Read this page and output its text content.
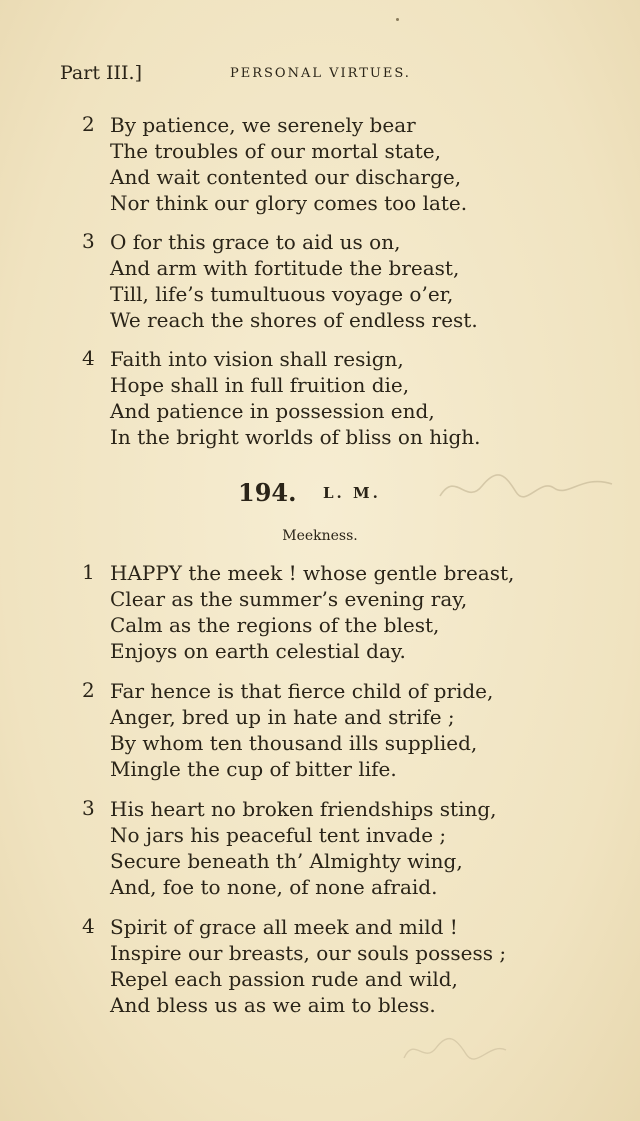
Part III.]	PERSONAL VIRTUES.
2 By patience, we serenely bear
The troubles of our mortal state,
And wait contented our discharge,
Nor think our glory comes too late.
3 O for this grace to aid us on,
And arm with fortitude the breast,
Till, life’s tumultuous voyage o’er,
We reach the shores of endless rest.
4 Faith into vision shall resign,
Hope shall in full fruition die,
And patience in possession end,
In the bright worlds of bliss on high.
194. L. M.
Meekness.
1 HAPPY the meek ! whose gentle breast,
Clear as the summer’s evening ray,
Calm as the regions of the blest,
Enjoys on earth celestial day.
2 Far hence is that fierce child of pride,
Anger, bred up in hate and strife ;
By whom ten thousand ills supplied,
Mingle the cup of bitter life.
3 His heart no broken friendships sting,
No jars his peaceful tent invade ;
Secure beneath th’ Almighty wing,
And, foe to none, of none afraid.
4 Spirit of grace all meek and mild !
Inspire our breasts, our souls possess ;
Repel each passion rude and wild,
And bless us as we aim to bless.
